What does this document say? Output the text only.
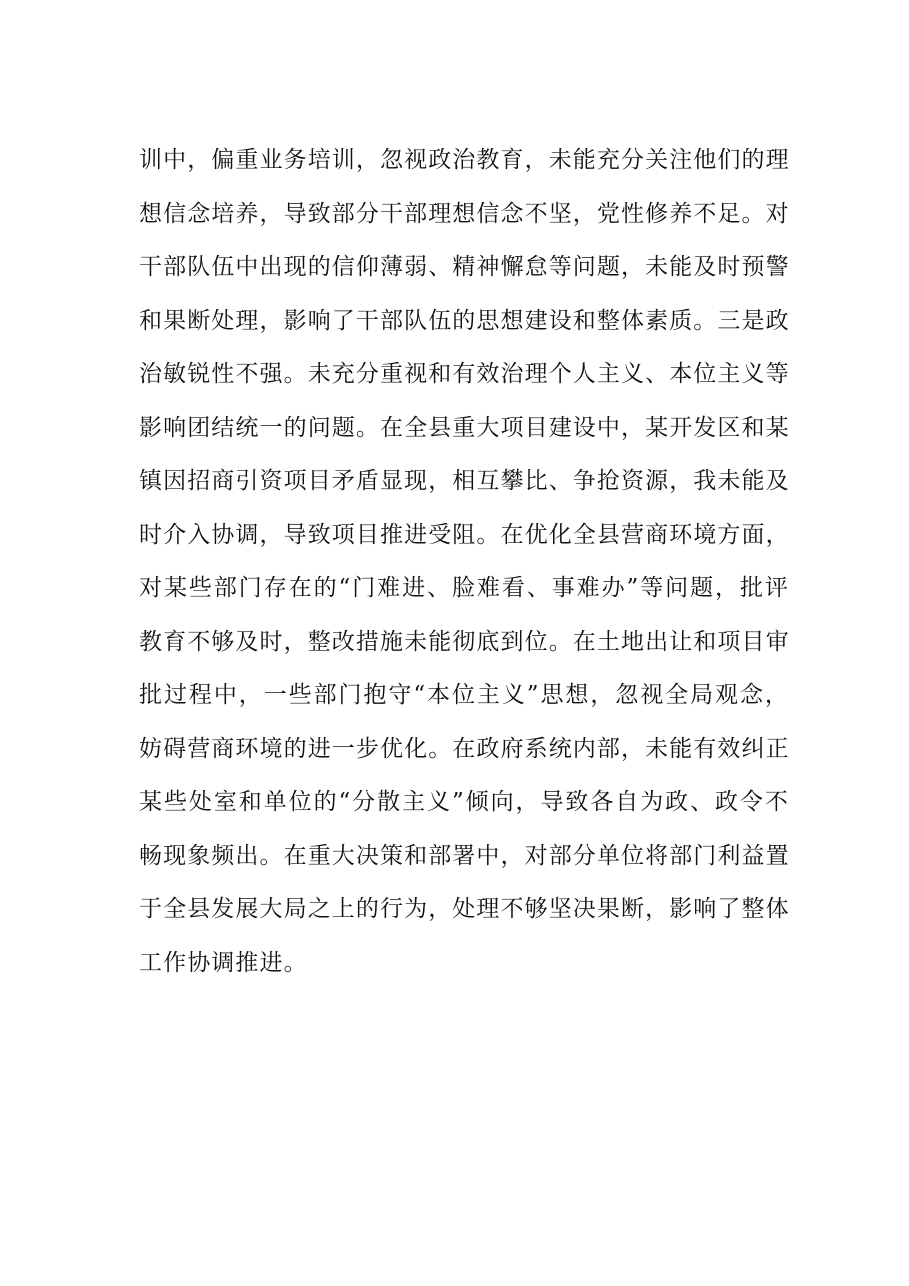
训中，偏重业务培训，忽视政治教育，未能充分关注他们的理
想信念培养，导致部分干部理想信念不坚，党性修养不足。对
干部队伍中出现的信仰薄弱、精神懈怠等问题，未能及时预警
和果断处理，影响了干部队伍的思想建设和整体素质。三是政
治敏锐性不强。未充分重视和有效治理个人主义、本位主义等
影响团结统一的问题。在全县重大项目建设中，某开发区和某
镇因招商引资项目矛盾显现，相互攀比、争抢资源，我未能及
时介入协调，导致项目推进受阻。在优化全县营商环境方面，
对某些部门存在的“门难进、脸难看、事难办”等问题，批评
教育不够及时，整改措施未能彻底到位。在土地出让和项目审
批过程中，一些部门抱守“本位主义”思想，忽视全局观念，
妨碍营商环境的进一步优化。在政府系统内部，未能有效纠正
某些处室和单位的“分散主义”倾向，导致各自为政、政令不
畅现象频出。在重大决策和部署中，对部分单位将部门利益置
于全县发展大局之上的行为，处理不够坚决果断，影响了整体
工作协调推进。
